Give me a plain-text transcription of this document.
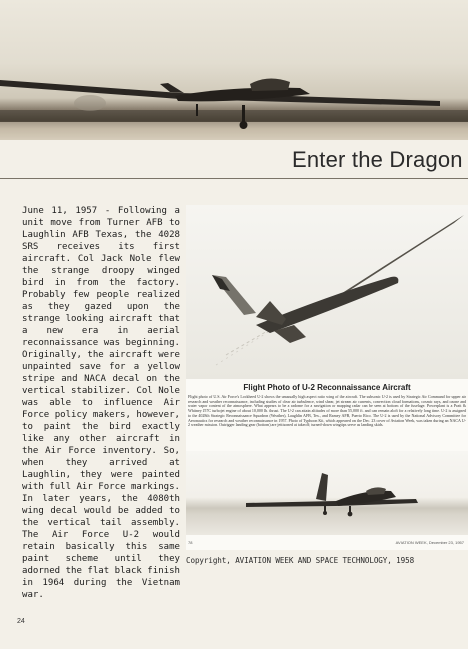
Enter the Dragon
June 11, 1957 - Following a unit move from Turner AFB to Laughlin AFB Texas, the 4028 SRS receives its first aircraft. Col Jack Nole flew the strange droopy winged bird in from the factory. Probably few people realized as they gazed upon the strange looking aircraft that a new era in aerial reconnaissance was beginning. Originally, the aircraft were unpainted save for a yellow stripe and NACA decal on the vertical stabilizer. Col Nole was able to influence Air Force policy makers, however, to paint the bird exactly like any other aircraft in the Air Force inventory. So, when they arrived at Laughlin, they were painted with full Air Force markings. In later years, the 4080th wing decal would be added to the vertical tail assembly. The Air Force U-2 would retain basically this same paint scheme until they adorned the flat black finish in 1964 during the Vietnam war.
Flight Photo of U-2 Reconnaissance Aircraft
Flight photo of U.S. Air Force's Lockheed U-2 shows the unusually high aspect ratio wing of the aircraft. The subsonic U-2 is used by Strategic Air Command for upper air research and weather reconnaissance, including studies of clear air turbulence, wind shear, jet stream air currents, convection cloud formations, cosmic rays, and ozone and water vapor content of the atmosphere. What appears to be a radome for a navigation or mapping radar can be seen at bottom of the fuselage. Powerplant is a Pratt & Whitney J57C turbojet engine of about 10,000 lb. thrust. The U-2 can attain altitudes of more than 55,000 ft. and can remain aloft for a relatively long time. U-2 is assigned to the 4028th Strategic Reconnaissance Squadron (Weather), Laughlin AFB, Tex., and Ramey AFB, Puerto Rico. The U-2 is used by the National Advisory Committee for Aeronautics for research and weather reconnaissance in 1957. Photo of Typhoon Kit, which appeared on the Dec. 23 cover of Aviation Week, was taken during an NACA U-2 weather mission. Outrigger landing gear (bottom) are jettisoned at takeoff; turned-down wingtips serve as landing skids.
78	AVIATION WEEK, December 23, 1957
Copyright, AVIATION WEEK AND SPACE TECHNOLOGY, 1958
24
